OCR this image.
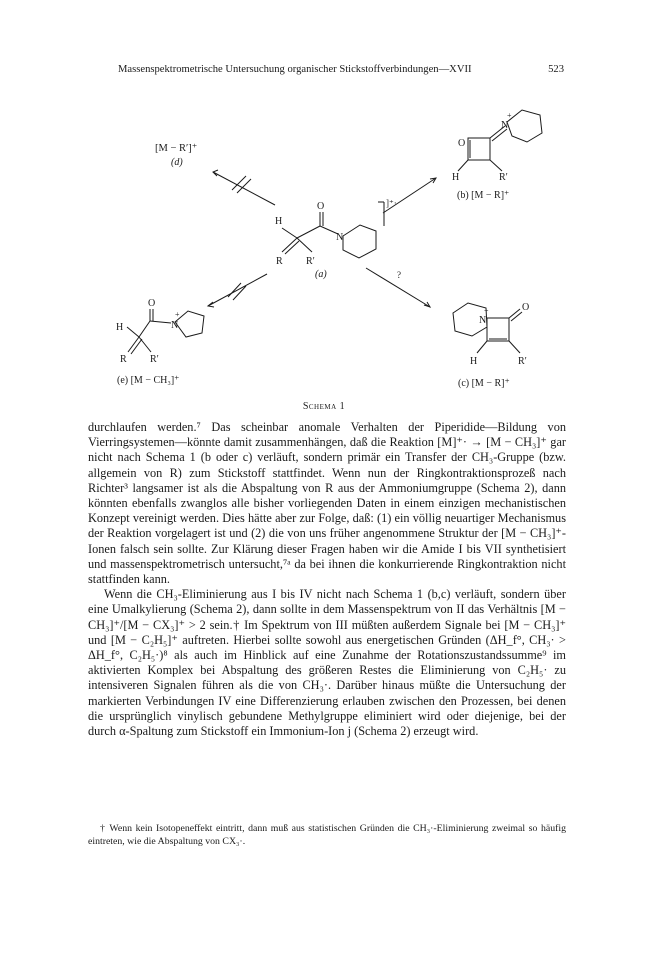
Massenspektrometrische Untersuchung organischer Stickstoffverbindungen—XVII	523
H
R R′
O
N
]⁺·
(a)	?
[M − R′]⁺
(d)
O
N
+
H	R′
(b) [M − R]⁺
H
O
N
+
R R′
(e) [M − CH₃]⁺
N
+	O
H	R′
(c) [M − R]⁺
Schema 1

durchlaufen werden.⁷ Das scheinbar anomale Verhalten der Piperidide—Bildung von Vierringsystemen—könnte damit zusammenhängen, daß die Reaktion [M]⁺· → [M − CH₃]⁺ gar nicht nach Schema 1 (b oder c) verläuft, sondern primär ein Transfer der CH₃-Gruppe (bzw. allgemein von R) zum Stickstoff stattfindet. Wenn nun der Ringkontraktionsprozeß nach Richter³ langsamer ist als die Abspaltung von R aus der Ammoniumgruppe (Schema 2), dann könnten ebenfalls zwanglos alle bisher vorliegenden Daten in einem einzigen mechanistischen Konzept vereinigt werden. Dies hätte aber zur Folge, daß: (1) ein völlig neuartiger Mechanismus der Reaktion vorgelagert ist und (2) die von uns früher angenommene Struktur der [M − CH₃]⁺-Ionen falsch sein sollte. Zur Klärung dieser Fragen haben wir die Amide I bis VII synthetisiert und massenspektrometrisch untersucht,⁷ᵃ da bei ihnen die konkurrierende Ringkontraktion nicht stattfinden kann.

Wenn die CH₃-Eliminierung aus I bis IV nicht nach Schema 1 (b,c) verläuft, sondern über eine Umalkylierung (Schema 2), dann sollte in dem Massenspektrum von II das Verhältnis [M − CH₃]⁺/[M − CX₃]⁺ > 2 sein.† Im Spektrum von III müßten außerdem Signale bei [M − CH₃]⁺ und [M − C₂H₅]⁺ auftreten. Hierbei sollte sowohl aus energetischen Gründen (ΔH_f°, CH₃· > ΔH_f°, C₂H₅·)⁸ als auch im Hinblick auf eine Zunahme der Rotationszustandssumme⁹ im aktivierten Komplex bei Abspaltung des größeren Restes die Eliminierung von C₂H₅· zu intensiveren Signalen führen als die von CH₃·. Darüber hinaus müßte die Untersuchung der markierten Verbindungen IV eine Differenzierung erlauben zwischen den Prozessen, bei denen die ursprünglich vinylisch gebundene Methylgruppe eliminiert wird oder diejenige, bei der durch α-Spaltung zum Stickstoff ein Immonium-Ion j (Schema 2) erzeugt wird.

† Wenn kein Isotopeneffekt eintritt, dann muß aus statistischen Gründen die CH₃·-Eliminierung zweimal so häufig eintreten, wie die Abspaltung von CX₃·.
